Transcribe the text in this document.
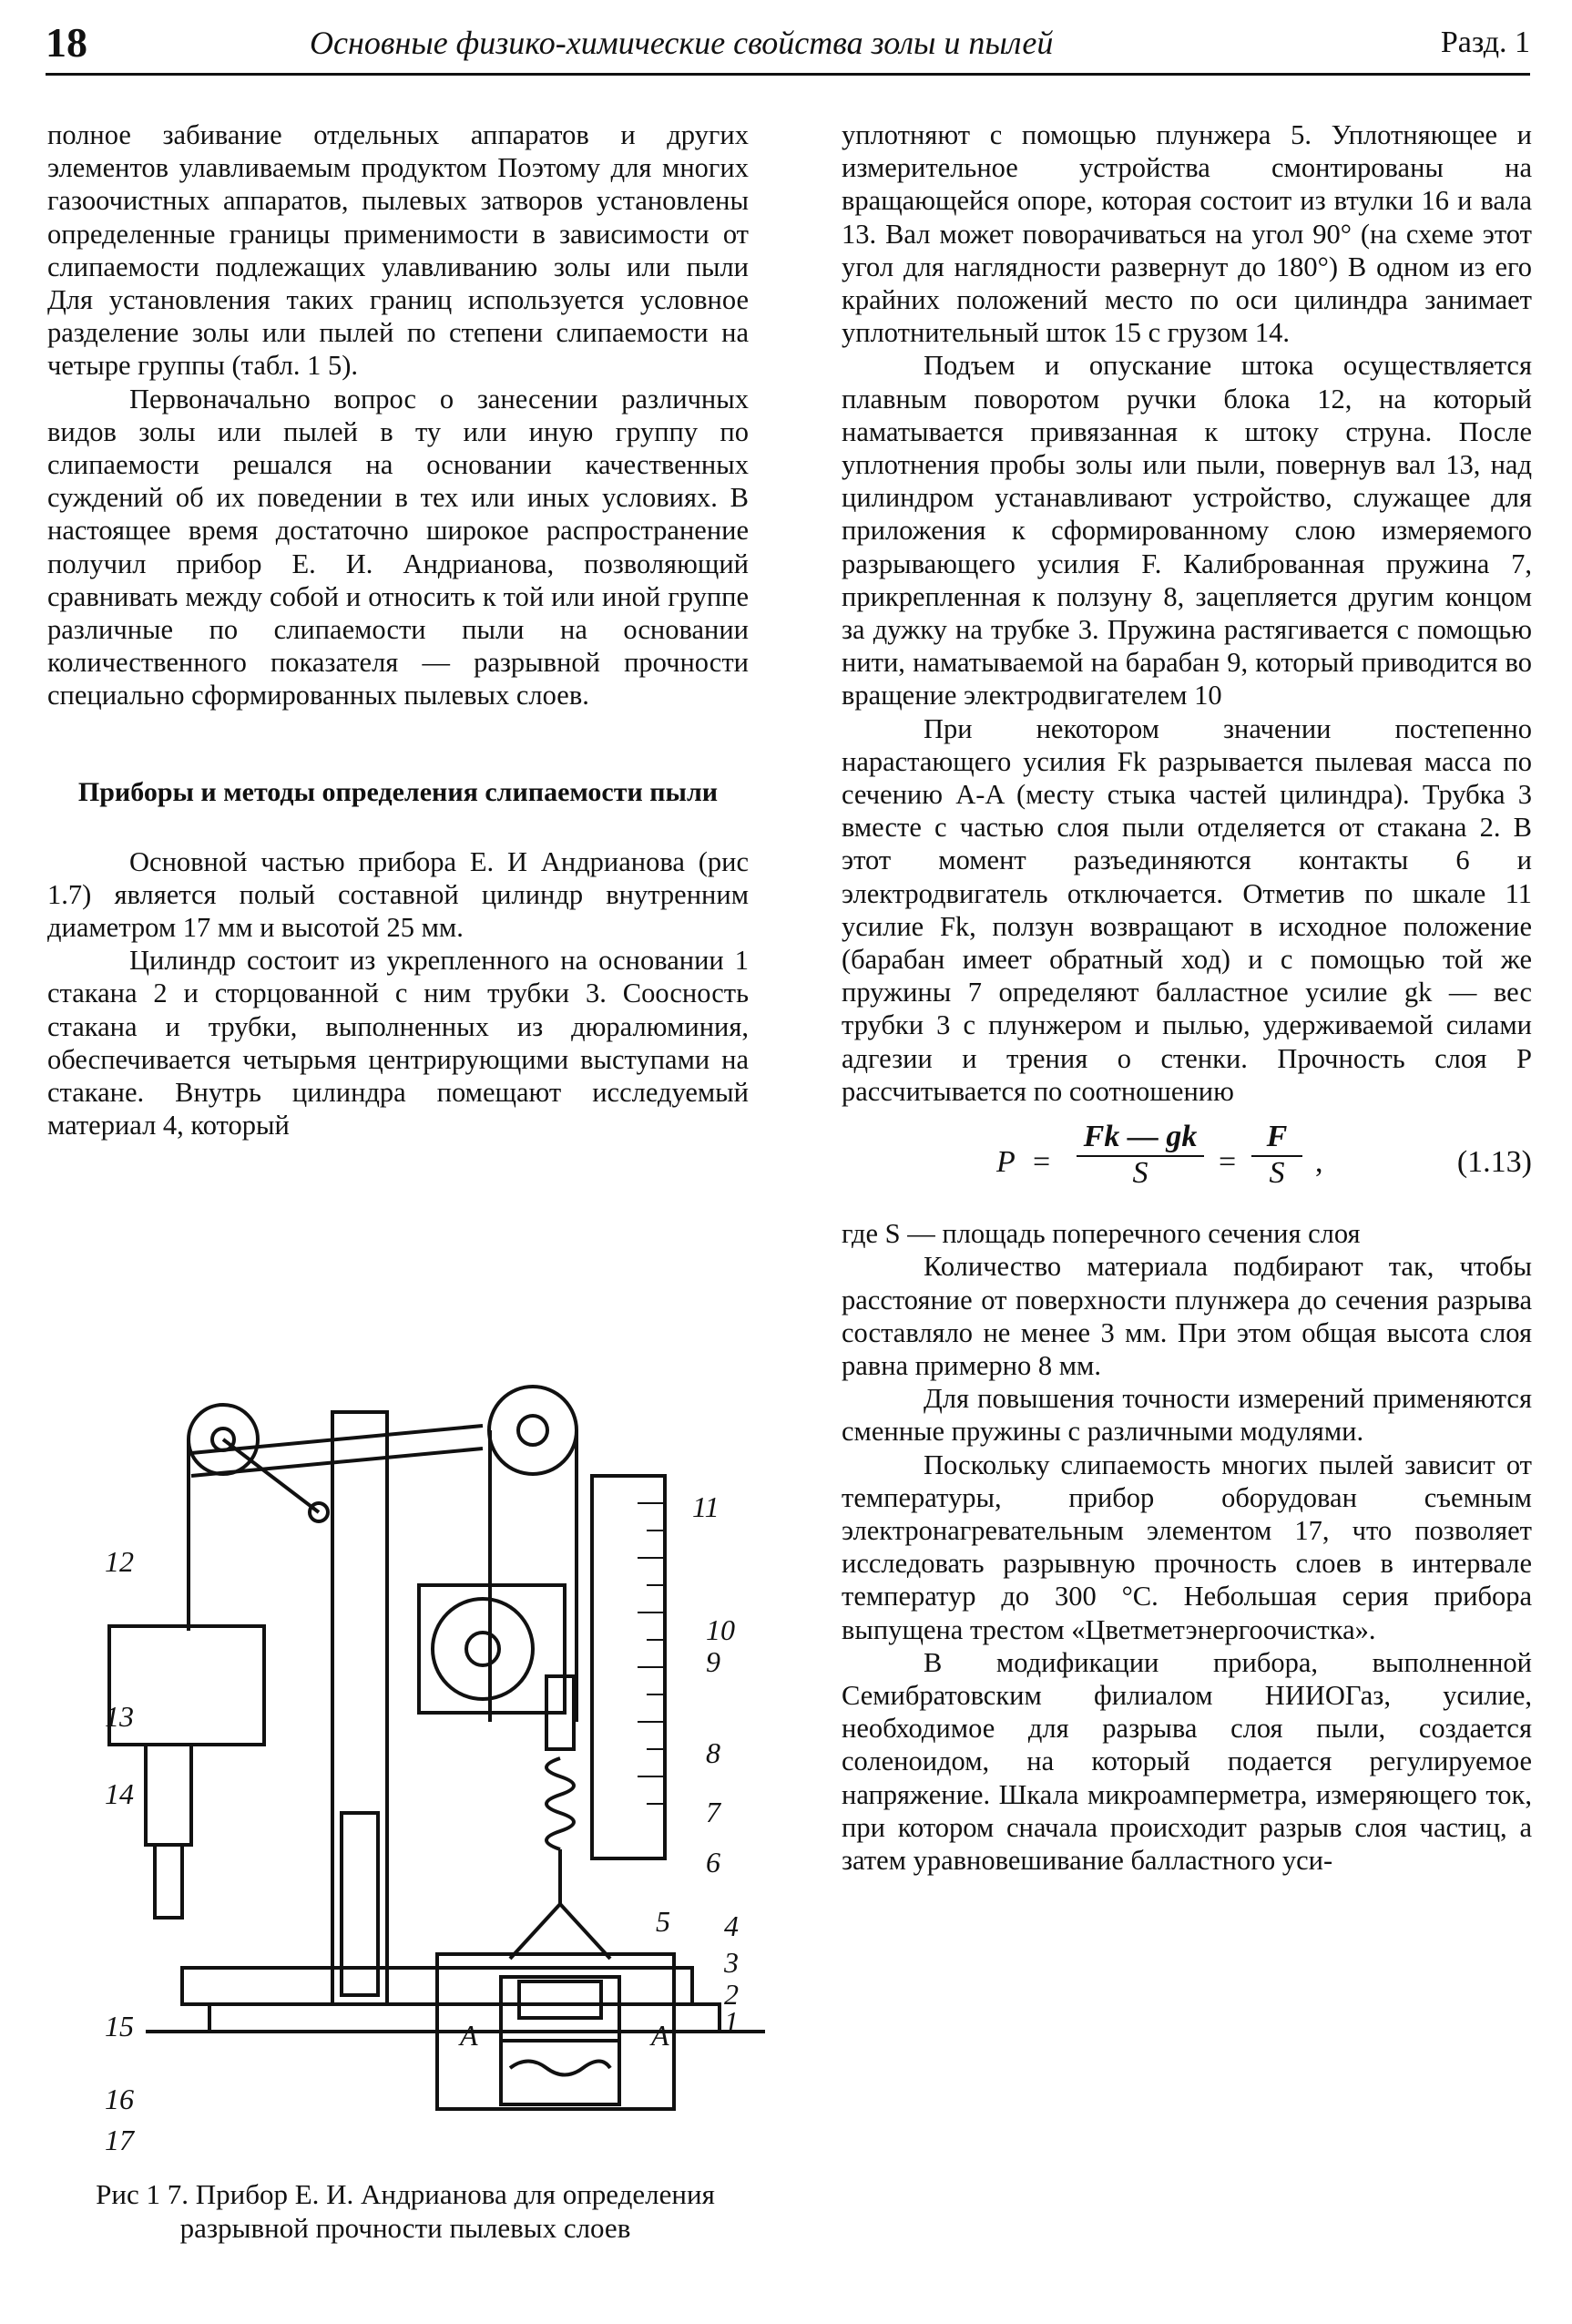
18	Основные физико-химические свойства золы и пылей	Разд. 1

полное забивание отдельных аппаратов и других элементов улавливаемым продуктом Поэтому для многих газоочистных аппаратов, пылевых затворов установлены определенные границы применимости в зависимости от слипаемости подлежащих улавливанию золы или пыли Для установления таких границ используется условное разделение золы или пылей по степени слипаемости на четыре группы (табл. 1 5).

Первоначально вопрос о занесении различных видов золы или пылей в ту или иную группу по слипаемости решался на основании качественных суждений об их поведении в тех или иных условиях. В настоящее время достаточно широкое распространение получил прибор Е. И. Андрианова, позволяющий сравнивать между собой и относить к той или иной группе различные по слипаемости пыли на основании количественного показателя — разрывной прочности специально сформированных пылевых слоев.

Приборы и методы определения слипаемости пыли

Основной частью прибора Е. И Андрианова (рис 1.7) является полый составной цилиндр внутренним диаметром 17 мм и высотой 25 мм.

Цилиндр состоит из укрепленного на основании 1 стакана 2 и сторцованной с ним трубки 3. Соосность стакана и трубки, выполненных из дюралюминия, обеспечивается четырьмя центрирующими выступами на стакане. Внутрь цилиндра помещают исследуемый материал 4, который

уплотняют с помощью плунжера 5. Уплотняющее и измерительное устройства смонтированы на вращающейся опоре, которая состоит из втулки 16 и вала 13. Вал может поворачиваться на угол 90° (на схеме этот угол для наглядности развернут до 180°) В одном из его крайних положений место по оси цилиндра занимает уплотнительный шток 15 с грузом 14.

Подъем и опускание штока осуществляется плавным поворотом ручки блока 12, на который наматывается привязанная к штоку струна. После уплотнения пробы золы или пыли, повернув вал 13, над цилиндром устанавливают устройство, служащее для приложения к сформированному слою измеряемого разрывающего усилия F. Калиброванная пружина 7, прикрепленная к ползуну 8, зацепляется другим концом за дужку на трубке 3. Пружина растягивается с помощью нити, наматываемой на барабан 9, который приводится во вращение электродвигателем 10

При некотором значении постепенно нарастающего усилия Fk разрывается пылевая масса по сечению A-A (месту стыка частей цилиндра). Трубка 3 вместе с частью слоя пыли отделяется от стакана 2. В этот момент разъединяются контакты 6 и электродвигатель отключается. Отметив по шкале 11 усилие Fk, ползун возвращают в исходное положение (барабан имеет обратный ход) и с помощью той же пружины 7 определяют балластное усилие gk — вес трубки 3 с плунжером и пылью, удерживаемой силами адгезии и трения о стенки. Прочность слоя P рассчитывается по соотношению

$P = \frac{Fk — gk}{S} = \frac{F}{S}$ ,	(1.13)

где S — площадь поперечного сечения слоя

Количество материала подбирают так, чтобы расстояние от поверхности плунжера до сечения разрыва составляло не менее 3 мм. При этом общая высота слоя равна примерно 8 мм.

Для повышения точности измерений применяются сменные пружины с различными модулями.

Поскольку слипаемость многих пылей зависит от температуры, прибор оборудован съемным электронагревательным элементом 17, что позволяет исследовать разрывную прочность слоев в интервале температур до 300 °C. Небольшая серия прибора выпущена трестом «Цветметэнергоочистка».

В модификации прибора, выполненной Семибратовским филиалом НИИОГаз, усилие, необходимое для разрыва слоя пыли, создается соленоидом, на который подается регулируемое напряжение. Шкала микроамперметра, измеряющего ток, при котором сначала происходит разрыв слоя частиц, а затем уравновешивание балластного уси-

12
13
14
15
16
17
11
10
9
8
7
6
5 4
3
2
1
A	A
Рис 1 7. Прибор Е. И. Андрианова для определения разрывной прочности пылевых слоев
